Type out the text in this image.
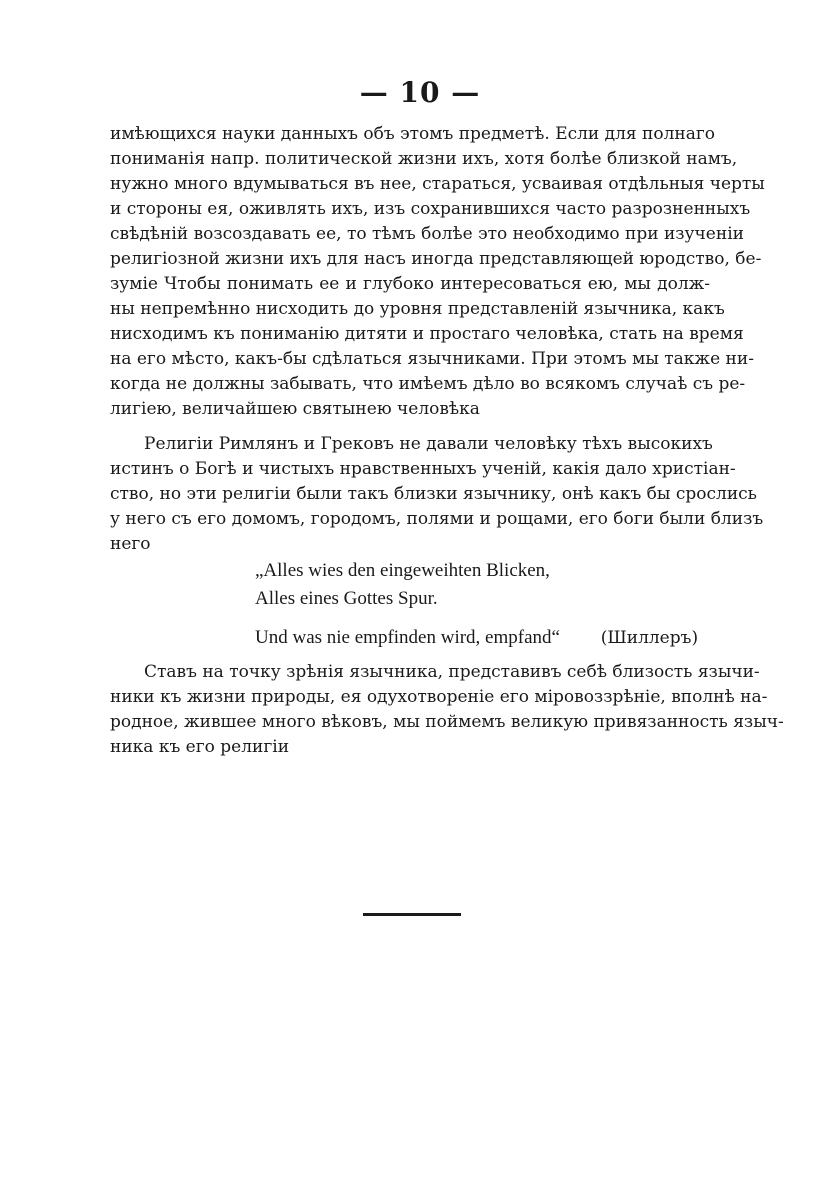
— 10 —
имѣющихся науки данныхъ объ этомъ предметѣ. Если для полнаго
пониманія напр. политической жизни ихъ, хотя болѣе близкой намъ,
нужно много вдумываться въ нее, стараться, усваивая отдѣльныя черты
и стороны ея, оживлять ихъ, изъ сохранившихся часто разрозненныхъ
свѣдѣній возсоздавать ее, то тѣмъ болѣе это необходимо при изученіи
религіозной жизни ихъ для насъ иногда представляющей юродство, бе-
зуміе Чтобы понимать ее и глубоко интересоваться ею, мы долж-
ны непремѣнно нисходить до уровня представленій язычника, какъ
нисходимъ къ пониманію дитяти и простаго человѣка, стать на время
на его мѣсто, какъ-бы сдѣлаться язычниками. При этомъ мы также ни-
когда не должны забывать, что имѣемъ дѣло во всякомъ случаѣ съ ре-
лигіею, величайшею святынею человѣка
Религіи Римлянъ и Грековъ не давали человѣку тѣхъ высокихъ
истинъ о Богѣ и чистыхъ нравственныхъ ученій, какія дало христіан-
ство, но эти религіи были такъ близки язычнику, онѣ какъ бы срослись
у него съ его домомъ, городомъ, полями и рощами, его боги были близъ
него
„Alles wies den eingeweihten Blicken,
Alles eines Gottes Spur.
Und was nie empfinden wird, empfand“ (Шиллеръ)
Ставъ на точку зрѣнія язычника, представивъ себѣ близость язычи-
ники къ жизни природы, ея одухотвореніе его міровоззрѣніе, вполнѣ на-
родное, жившее много вѣковъ, мы поймемъ великую привязанность языч-
ника къ его религіи
